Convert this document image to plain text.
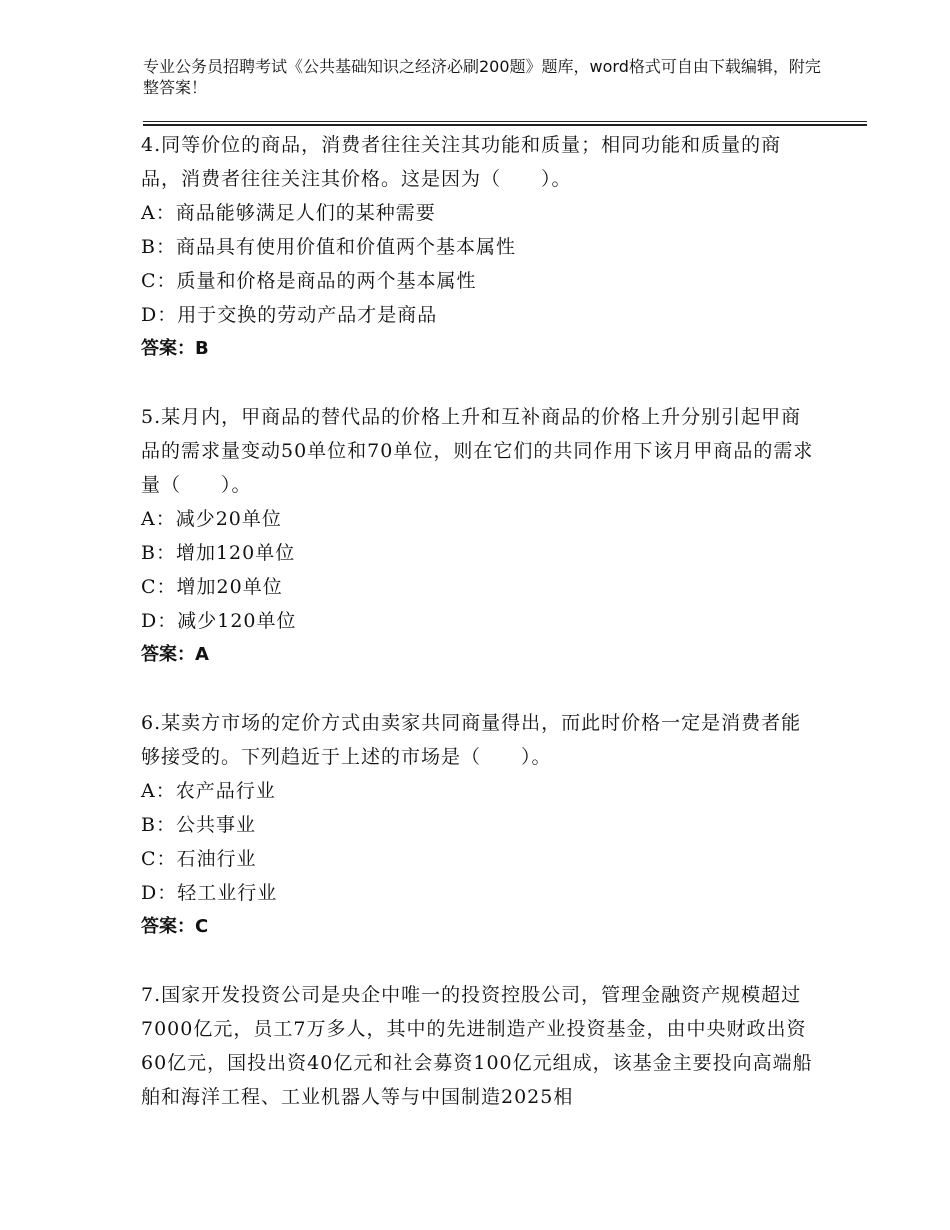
专业公务员招聘考试《公共基础知识之经济必刷200题》题库，word格式可自由下载编辑，附完整答案！
4.同等价位的商品，消费者往往关注其功能和质量；相同功能和质量的商品，消费者往往关注其价格。这是因为（　　）。
A：商品能够满足人们的某种需要
B：商品具有使用价值和价值两个基本属性
C：质量和价格是商品的两个基本属性
D：用于交换的劳动产品才是商品
答案：B
5.某月内，甲商品的替代品的价格上升和互补商品的价格上升分别引起甲商品的需求量变动50单位和70单位，则在它们的共同作用下该月甲商品的需求量（　　）。
A：减少20单位
B：增加120单位
C：增加20单位
D：减少120单位
答案：A
6.某卖方市场的定价方式由卖家共同商量得出，而此时价格一定是消费者能够接受的。下列趋近于上述的市场是（　　）。
A：农产品行业
B：公共事业
C：石油行业
D：轻工业行业
答案：C
7.国家开发投资公司是央企中唯一的投资控股公司，管理金融资产规模超过7000亿元，员工7万多人，其中的先进制造产业投资基金，由中央财政出资60亿元，国投出资40亿元和社会募资100亿元组成，该基金主要投向高端船舶和海洋工程、工业机器人等与中国制造2025相
